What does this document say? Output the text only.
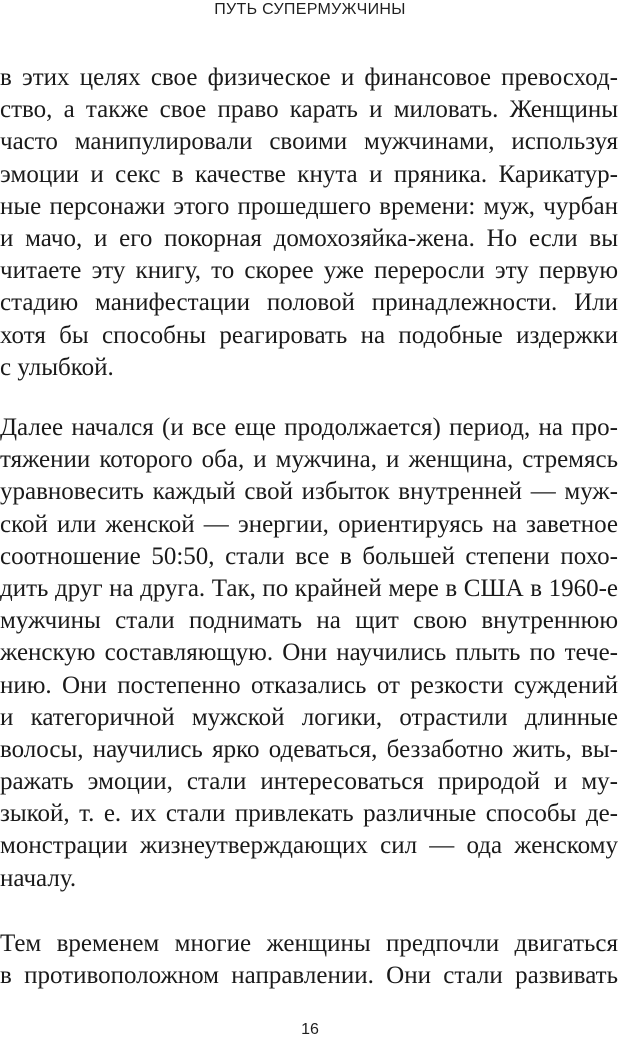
ПУТЬ СУПЕРМУЖЧИНЫ
в этих целях свое физическое и финансовое превосход-
ство, а также свое право карать и миловать. Женщины
часто манипулировали своими мужчинами, используя
эмоции и секс в качестве кнута и пряника. Карикатур-
ные персонажи этого прошедшего времени: муж, чурбан
и мачо, и его покорная домохозяйка-жена. Но если вы
читаете эту книгу, то скорее уже переросли эту первую
стадию манифестации половой принадлежности. Или
хотя бы способны реагировать на подобные издержки
с улыбкой.
Далее начался (и все еще продолжается) период, на про-
тяжении которого оба, и мужчина, и женщина, стремясь
уравновесить каждый свой избыток внутренней — муж-
ской или женской — энергии, ориентируясь на заветное
соотношение 50:50, стали все в большей степени похо-
дить друг на друга. Так, по крайней мере в США в 1960-е
мужчины стали поднимать на щит свою внутреннюю
женскую составляющую. Они научились плыть по тече-
нию. Они постепенно отказались от резкости суждений
и категоричной мужской логики, отрастили длинные
волосы, научились ярко одеваться, беззаботно жить, вы-
ражать эмоции, стали интересоваться природой и му-
зыкой, т. е. их стали привлекать различные способы де-
монстрации жизнеутверждающих сил — ода женскому
началу.
Тем временем многие женщины предпочли двигаться
в противоположном направлении. Они стали развивать
16
